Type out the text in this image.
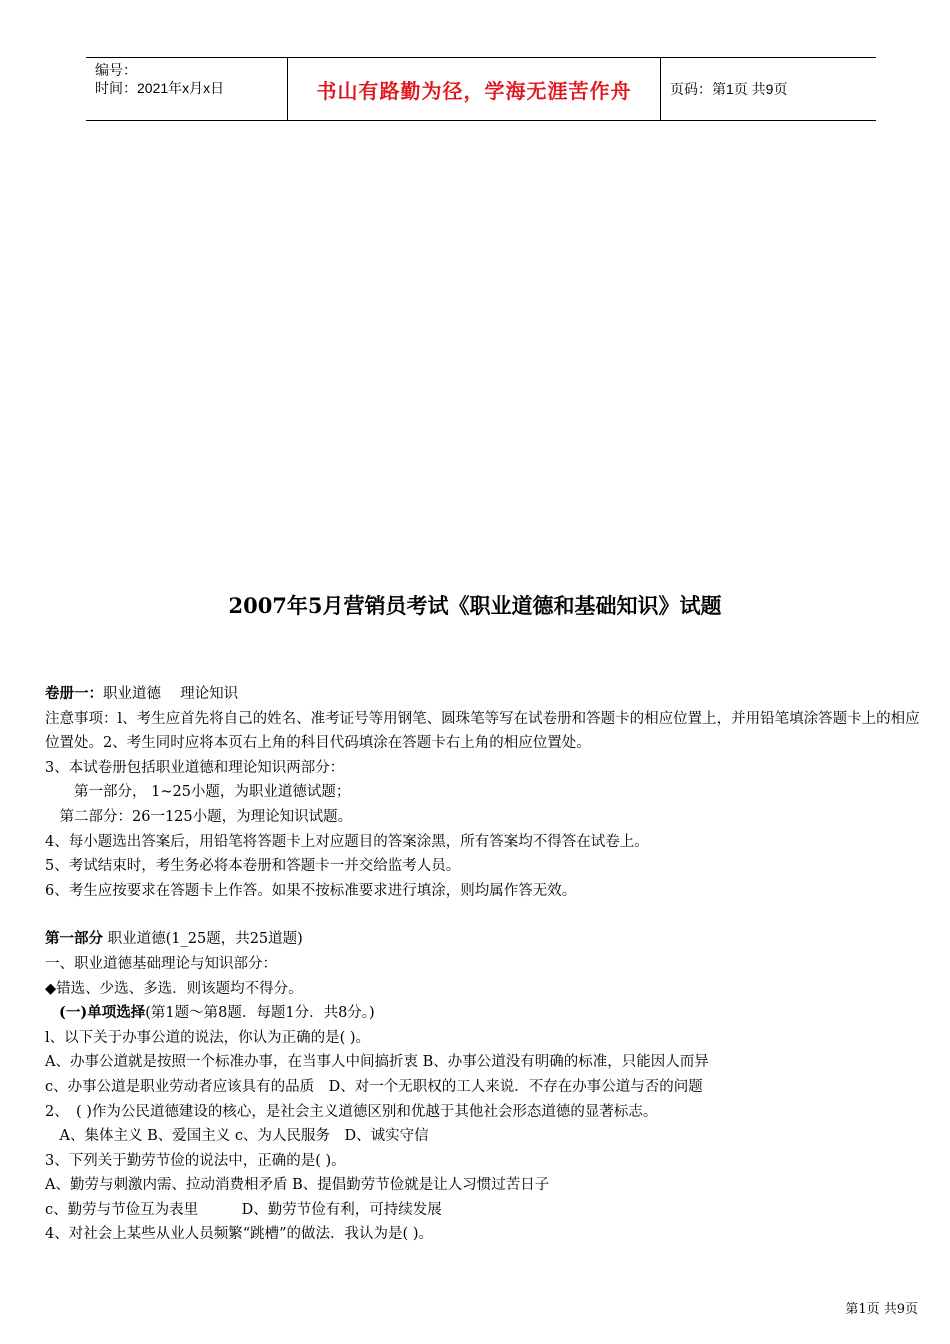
编号：
时间：2021年x月x日	书山有路勤为径，学海无涯苦作舟	页码：第1页 共9页
2007年5月营销员考试《职业道德和基础知识》试题
卷册一：职业道德　 理论知识
注意事项：l、考生应首先将自己的姓名、准考证号等用钢笔、圆珠笔等写在试卷册和答题卡的相应位置上，并用铅笔填涂答题卡上的相应位置处。2、考生同时应将本页右上角的科目代码填涂在答题卡右上角的相应位置处。
3、本试卷册包括职业道德和理论知识两部分：
　　第一部分， 1~25小题，为职业道德试题；
　第二部分：26一125小题，为理论知识试题。
4、每小题选出答案后，用铅笔将答题卡上对应题目的答案涂黑，所有答案均不得答在试卷上。
5、考试结束时，考生务必将本卷册和答题卡一并交给监考人员。
6、考生应按要求在答题卡上作答。如果不按标准要求进行填涂，则均属作答无效。
第一部分 职业道德(1_25题，共25道题)
一、职业道德基础理论与知识部分：
◆错选、少选、多选．则该题均不得分。
(一)单项选择(第1题～第8题．每题1分．共8分。)
l、以下关于办事公道的说法，你认为正确的是( )。
A、办事公道就是按照一个标准办事，在当事人中间搞折衷 B、办事公道没有明确的标准，只能因人而异
c、办事公道是职业劳动者应该具有的品质　D、对一个无职权的工人来说．不存在办事公道与否的问题
2、　( )作为公民道德建设的核心，是社会主义道德区别和优越于其他社会形态道德的显著标志。
　A、集体主义 B、爱国主义 c、为人民服务　D、诚实守信
3、下列关于勤劳节俭的说法中，正确的是( )。
A、勤劳与刺激内需、拉动消费相矛盾 B、提倡勤劳节俭就是让人习惯过苦日子
c、勤劳与节俭互为表里　　　D、勤劳节俭有利，可持续发展
4、对社会上某些从业人员频繁“跳槽”的做法．我认为是( )。
第1页 共9页
